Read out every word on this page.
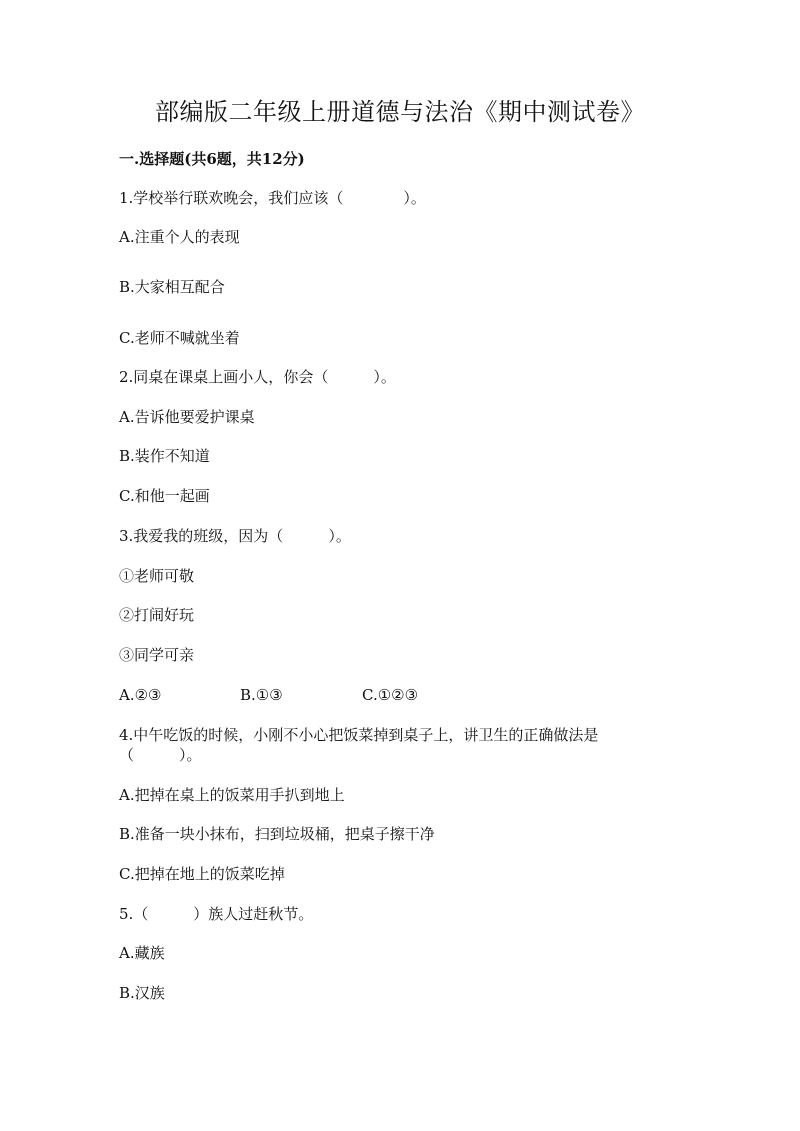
部编版二年级上册道德与法治《期中测试卷》
一.选择题(共6题，共12分)
1.学校举行联欢晚会，我们应该（　　　　）。
A.注重个人的表现
B.大家相互配合
C.老师不喊就坐着
2.同桌在课桌上画小人，你会（　　　）。
A.告诉他要爱护课桌
B.装作不知道
C.和他一起画
3.我爱我的班级，因为（　　　）。
①老师可敬
②打闹好玩
③同学可亲
A.②③	B.①③	C.①②③
4.中午吃饭的时候，小刚不小心把饭菜掉到桌子上，讲卫生的正确做法是
（　　　）。
A.把掉在桌上的饭菜用手扒到地上
B.准备一块小抹布，扫到垃圾桶，把桌子擦干净
C.把掉在地上的饭菜吃掉
5.（　　　）族人过赶秋节。
A.藏族
B.汉族
